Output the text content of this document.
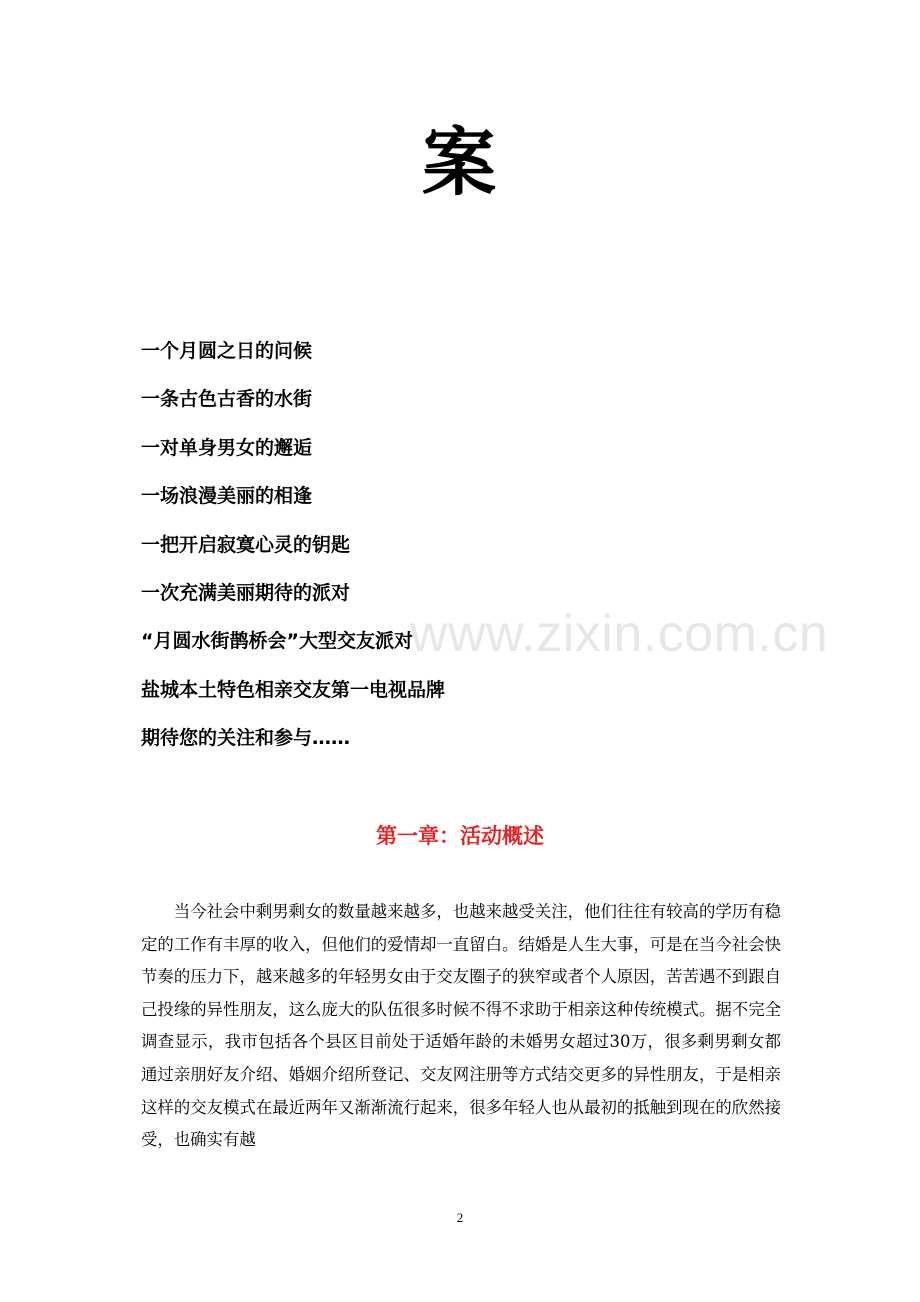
案
一个月圆之日的问候
一条古色古香的水街
一对单身男女的邂逅
一场浪漫美丽的相逢
一把开启寂寞心灵的钥匙
一次充满美丽期待的派对
“月圆水街鹊桥会”大型交友派对
盐城本土特色相亲交友第一电视品牌
期待您的关注和参与……
www.zixin.com.cn
第一章：活动概述

当今社会中剩男剩女的数量越来越多，也越来越受关注，他们往往有较高的学历有稳定的工作有丰厚的收入，但他们的爱情却一直留白。结婚是人生大事，可是在当今社会快节奏的压力下，越来越多的年轻男女由于交友圈子的狭窄或者个人原因，苦苦遇不到跟自己投缘的异性朋友，这么庞大的队伍很多时候不得不求助于相亲这种传统模式。据不完全调查显示，我市包括各个县区目前处于适婚年龄的未婚男女超过30万，很多剩男剩女都通过亲朋好友介绍、婚姻介绍所登记、交友网注册等方式结交更多的异性朋友，于是相亲这样的交友模式在最近两年又渐渐流行起来，很多年轻人也从最初的抵触到现在的欣然接受，也确实有越

2
